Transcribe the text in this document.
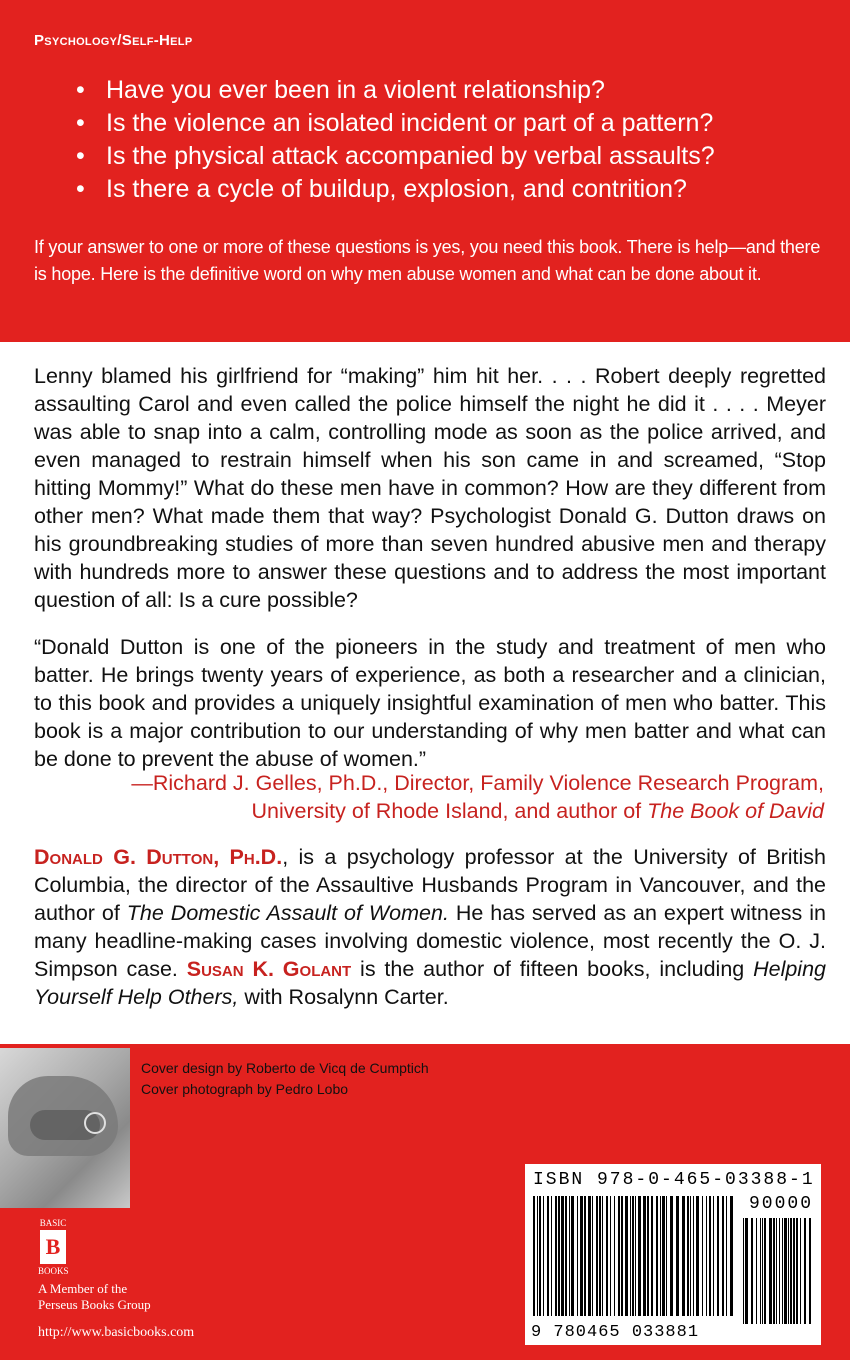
Psychology/Self-Help
• Have you ever been in a violent relationship?
• Is the violence an isolated incident or part of a pattern?
• Is the physical attack accompanied by verbal assaults?
• Is there a cycle of buildup, explosion, and contrition?
If your answer to one or more of these questions is yes, you need this book. There is help—and there is hope. Here is the definitive word on why men abuse women and what can be done about it.

Lenny blamed his girlfriend for “making” him hit her. . . . Robert deeply regretted assaulting Carol and even called the police himself the night he did it . . . . Meyer was able to snap into a calm, controlling mode as soon as the police arrived, and even managed to restrain himself when his son came in and screamed, “Stop hitting Mommy!” What do these men have in common? How are they different from other men? What made them that way? Psychologist Donald G. Dutton draws on his groundbreaking studies of more than seven hundred abusive men and therapy with hundreds more to answer these questions and to address the most important question of all: Is a cure possible?

“Donald Dutton is one of the pioneers in the study and treatment of men who batter. He brings twenty years of experience, as both a researcher and a clinician, to this book and provides a uniquely insightful examination of men who batter. This book is a major contribution to our understanding of why men batter and what can be done to prevent the abuse of women.”

—Richard J. Gelles, Ph.D., Director, Family Violence Research Program,
University of Rhode Island, and author of The Book of David

Donald G. Dutton, Ph.D., is a psychology professor at the University of British Columbia, the director of the Assaultive Husbands Program in Vancouver, and the author of The Domestic Assault of Women. He has served as an expert witness in many headline-making cases involving domestic violence, most recently the O. J. Simpson case. Susan K. Golant is the author of fifteen books, including Helping Yourself Help Others, with Rosalynn Carter.

Cover design by Roberto de Vicq de Cumptich
Cover photograph by Pedro Lobo
BASIC
B
BOOKS
A Member of the
Perseus Books Group
http://www.basicbooks.com
ISBN 978-0-465-03388-1
90000
9 780465 033881
